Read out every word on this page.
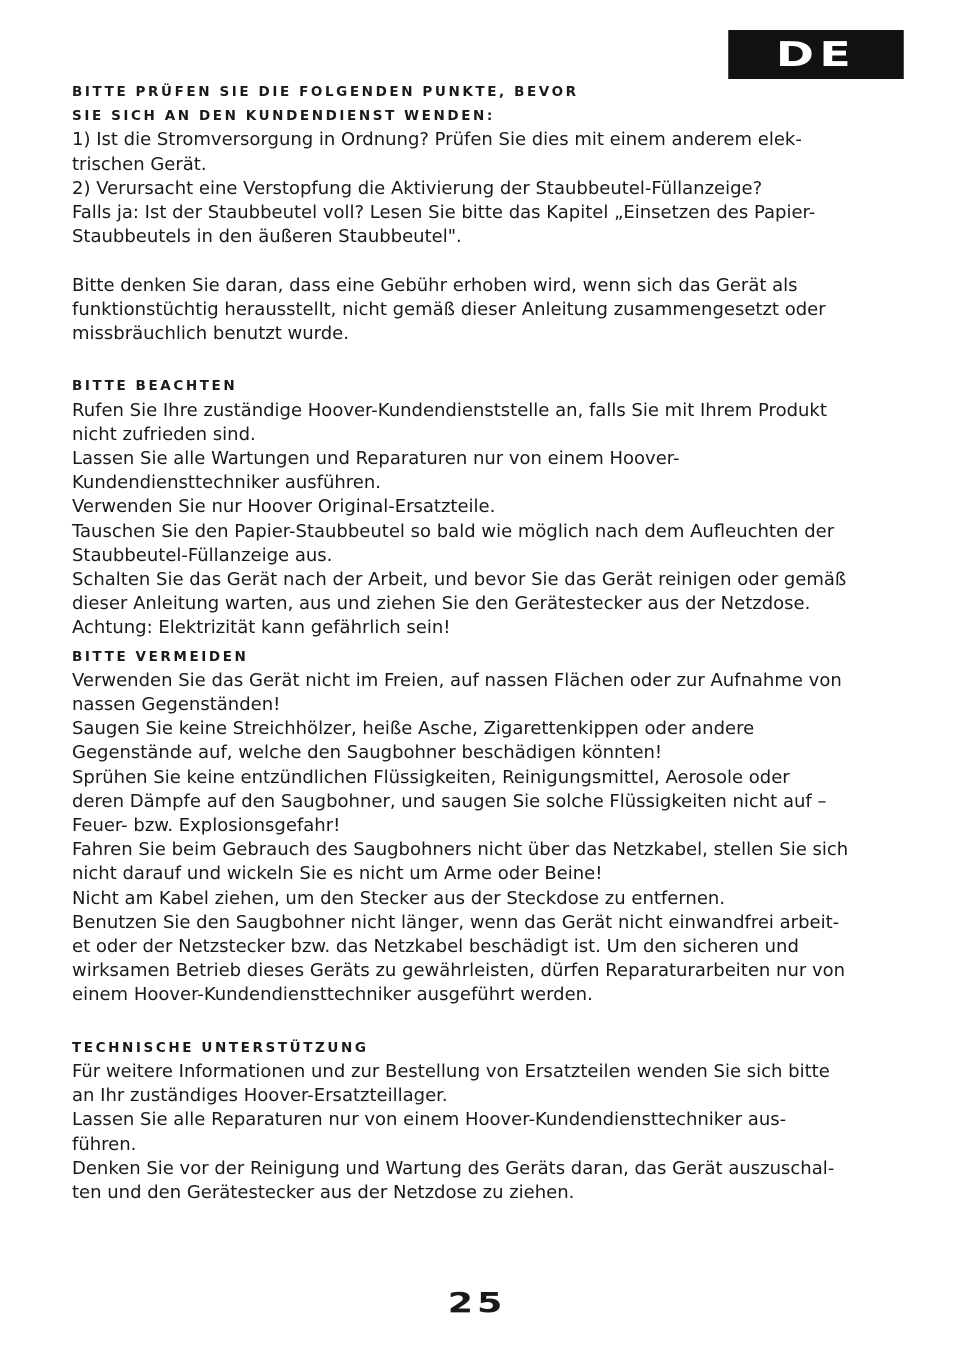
DE
BITTE PRÜFEN SIE DIE FOLGENDEN PUNKTE, BEVOR
SIE SICH AN DEN KUNDENDIENST WENDEN:
1) Ist die Stromversorgung in Ordnung? Prüfen Sie dies mit einem anderem elek-
trischen Gerät.
2) Verursacht eine Verstopfung die Aktivierung der Staubbeutel-Füllanzeige?
Falls ja: Ist der Staubbeutel voll? Lesen Sie bitte das Kapitel „Einsetzen des Papier-
Staubbeutels in den äußeren Staubbeutel".
Bitte denken Sie daran, dass eine Gebühr erhoben wird, wenn sich das Gerät als
funktionstüchtig herausstellt, nicht gemäß dieser Anleitung zusammengesetzt oder
missbräuchlich benutzt wurde.
BITTE BEACHTEN
Rufen Sie Ihre zuständige Hoover-Kundendienststelle an, falls Sie mit Ihrem Produkt
nicht zufrieden sind.
Lassen Sie alle Wartungen und Reparaturen nur von einem Hoover-
Kundendiensttechniker ausführen.
Verwenden Sie nur Hoover Original-Ersatzteile.
Tauschen Sie den Papier-Staubbeutel so bald wie möglich nach dem Aufleuchten der
Staubbeutel-Füllanzeige aus.
Schalten Sie das Gerät nach der Arbeit, und bevor Sie das Gerät reinigen oder gemäß
dieser Anleitung warten, aus und ziehen Sie den Gerätestecker aus der Netzdose.
Achtung: Elektrizität kann gefährlich sein!
BITTE VERMEIDEN
Verwenden Sie das Gerät nicht im Freien, auf nassen Flächen oder zur Aufnahme von
nassen Gegenständen!
Saugen Sie keine Streichhölzer, heiße Asche, Zigarettenkippen oder andere
Gegenstände auf, welche den Saugbohner beschädigen könnten!
Sprühen Sie keine entzündlichen Flüssigkeiten, Reinigungsmittel, Aerosole oder
deren Dämpfe auf den Saugbohner, und saugen Sie solche Flüssigkeiten nicht auf –
Feuer- bzw. Explosionsgefahr!
Fahren Sie beim Gebrauch des Saugbohners nicht über das Netzkabel, stellen Sie sich
nicht darauf und wickeln Sie es nicht um Arme oder Beine!
Nicht am Kabel ziehen, um den Stecker aus der Steckdose zu entfernen.
Benutzen Sie den Saugbohner nicht länger, wenn das Gerät nicht einwandfrei arbeit-
et oder der Netzstecker bzw. das Netzkabel beschädigt ist. Um den sicheren und
wirksamen Betrieb dieses Geräts zu gewährleisten, dürfen Reparaturarbeiten nur von
einem Hoover-Kundendiensttechniker ausgeführt werden.
TECHNISCHE UNTERSTÜTZUNG
Für weitere Informationen und zur Bestellung von Ersatzteilen wenden Sie sich bitte
an Ihr zuständiges Hoover-Ersatzteillager.
Lassen Sie alle Reparaturen nur von einem Hoover-Kundendiensttechniker aus-
führen.
Denken Sie vor der Reinigung und Wartung des Geräts daran, das Gerät auszuschal-
ten und den Gerätestecker aus der Netzdose zu ziehen.
25
